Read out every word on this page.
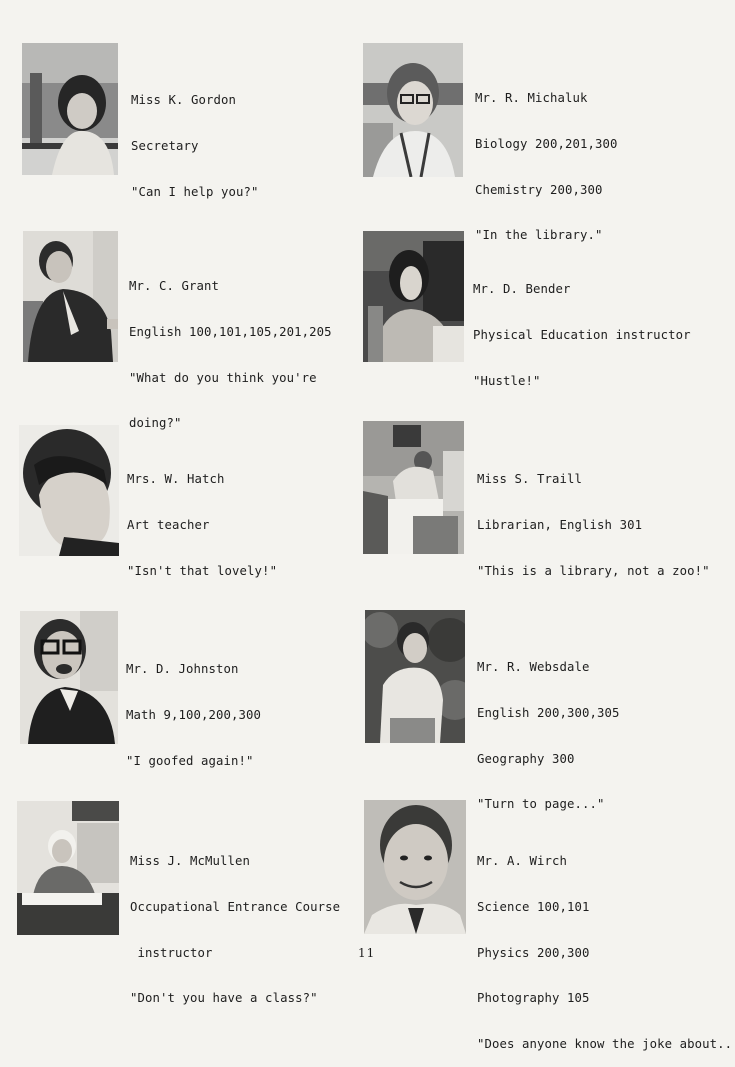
Miss K. Gordon

Secretary

"Can I help you?"

Mr. R. Michaluk

Biology 200,201,300

Chemistry 200,300

"In the library."

Mr. C. Grant

English 100,101,105,201,205

"What do you think you're

doing?"

Mr. D. Bender

Physical Education instructor

"Hustle!"

Mrs. W. Hatch

Art teacher

"Isn't that lovely!"

Miss S. Traill

Librarian, English 301

"This is a library, not a zoo!"

Mr. D. Johnston

Math 9,100,200,300

"I goofed again!"

Mr. R. Websdale

English 200,300,305

Geography 300

"Turn to page..."

Miss J. McMullen

Occupational Entrance Course

instructor

"Don't you have a class?"

Mr. A. Wirch

Science 100,101

Physics 200,300

Photography 105

"Does anyone know the joke about..

11
